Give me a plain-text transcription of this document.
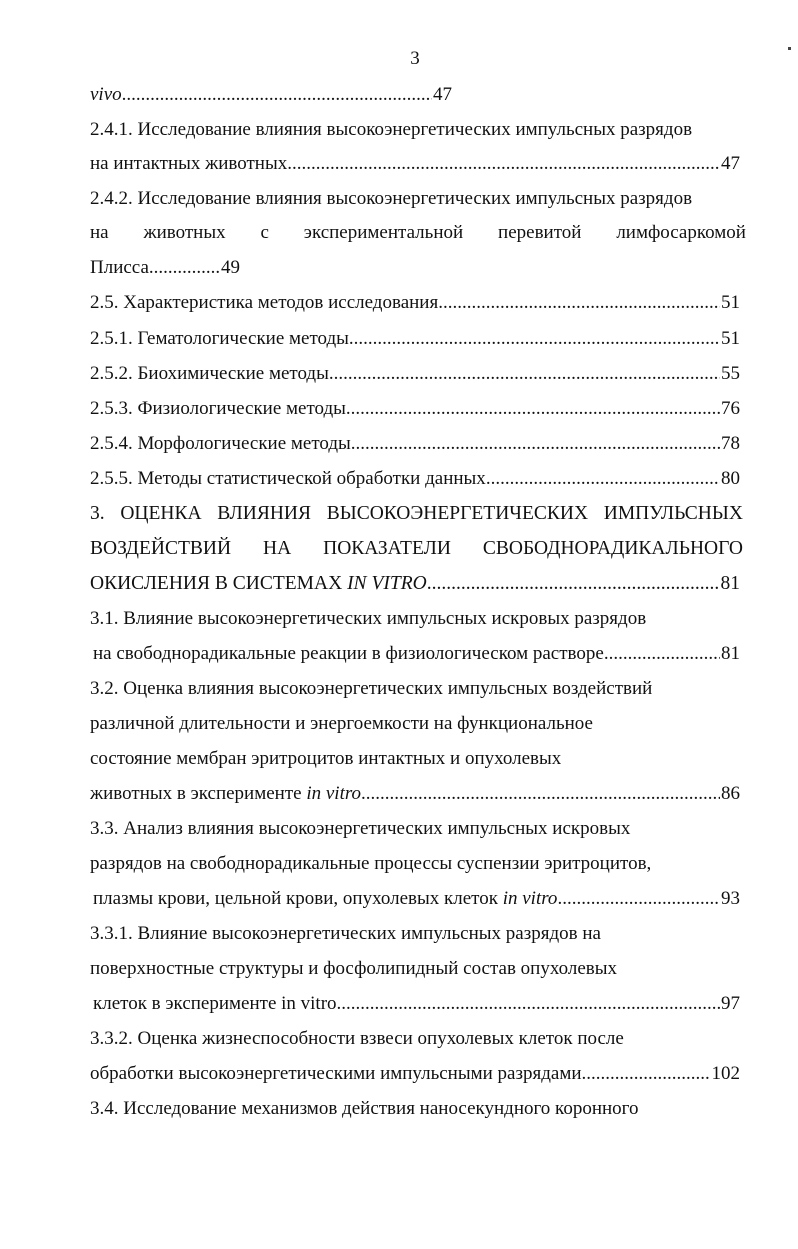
3
vivo .....	47
2.4.1. Исследование влияния высокоэнергетических импульсных разрядов
на интактных животных .....	47
2.4.2. Исследование влияния высокоэнергетических импульсных разрядов
на животных с экспериментальной перевитой лимфосаркомой
Плисса .....	49
2.5. Характеристика методов исследования .....	51
2.5.1. Гематологические методы .....	51
2.5.2. Биохимические методы .....	55
2.5.3. Физиологические методы .....	76
2.5.4. Морфологические методы .....	78
2.5.5. Методы статистической обработки данных .....	80
3. ОЦЕНКА ВЛИЯНИЯ ВЫСОКОЭНЕРГЕТИЧЕСКИХ ИМПУЛЬСНЫХ
ВОЗДЕЙСТВИЙ НА ПОКАЗАТЕЛИ СВОБОДНОРАДИКАЛЬНОГО
ОКИСЛЕНИЯ В СИСТЕМАХ IN VITRO .....	81
3.1. Влияние высокоэнергетических импульсных искровых разрядов
на свободнорадикальные реакции в физиологическом растворе .....	81
3.2. Оценка влияния высокоэнергетических импульсных воздействий
различной длительности и энергоемкости на функциональное
состояние мембран эритроцитов интактных и опухолевых
животных в эксперименте in vitro .....	86
3.3. Анализ влияния высокоэнергетических импульсных искровых
разрядов на свободнорадикальные процессы суспензии эритроцитов,
плазмы крови, цельной крови, опухолевых клеток in vitro .....	93
3.3.1. Влияние высокоэнергетических импульсных разрядов на
поверхностные структуры и фосфолипидный состав опухолевых
клеток в эксперименте in vitro .....	97
3.3.2. Оценка жизнеспособности взвеси опухолевых клеток после
обработки высокоэнергетическими импульсными разрядами .....	102
3.4. Исследование механизмов действия наносекундного коронного
